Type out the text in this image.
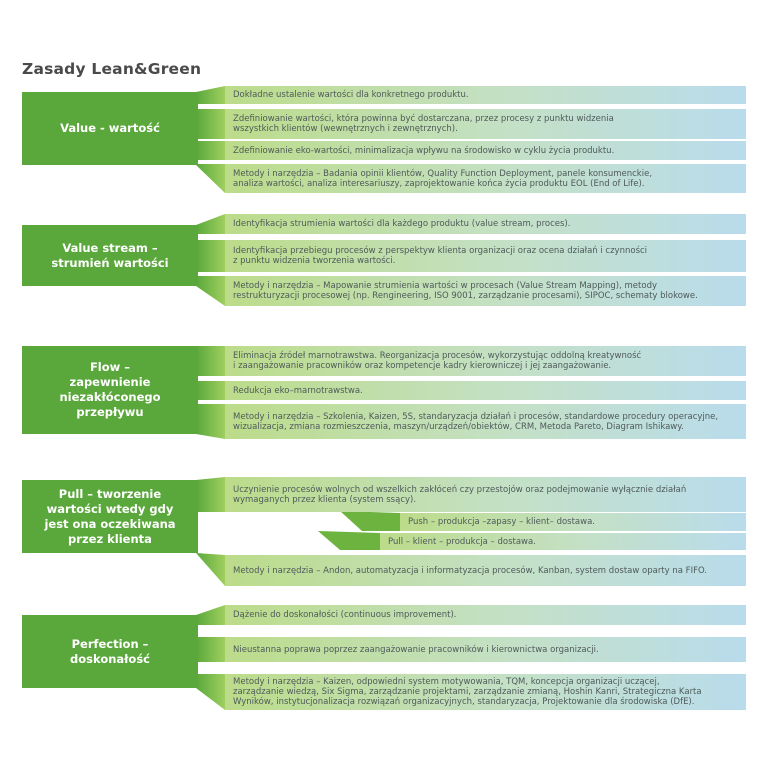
Zasady Lean&Green
Value - wartość
Dokładne ustalenie wartości dla konkretnego produktu.
Zdefiniowanie wartości, która powinna być dostarczana, przez procesy z punktu widzenia
wszystkich klientów (wewnętrznych i zewnętrznych).
Zdefiniowanie eko-wartości, minimalizacja wpływu na środowisko w cyklu życia produktu.
Metody i narzędzia – Badania opinii klientów, Quality Function Deployment, panele konsumenckie,
analiza wartości, analiza interesariuszy, zaprojektowanie końca życia produktu EOL (End of Life).
Value stream –
strumień wartości
Identyfikacja strumienia wartości dla każdego produktu (value stream, proces).
Identyfikacja przebiegu procesów z perspektyw klienta organizacji oraz ocena działań i czynności
z punktu widzenia tworzenia wartości.
Metody i narzędzia – Mapowanie strumienia wartości w procesach (Value Stream Mapping), metody
restrukturyzacji procesowej (np. Rengineering, ISO 9001, zarządzanie procesami), SIPOC, schematy blokowe.
Flow –
zapewnienie
niezakłóconego
przepływu
Eliminacja źródeł marnotrawstwa. Reorganizacja procesów, wykorzystując oddolną kreatywność
i zaangażowanie pracowników oraz kompetencje kadry kierowniczej i jej zaangażowanie.
Redukcja eko–marnotrawstwa.
Metody i narzędzia – Szkolenia, Kaizen, 5S, standaryzacja działań i procesów, standardowe procedury operacyjne,
wizualizacja, zmiana rozmieszczenia, maszyn/urządzeń/obiektów, CRM, Metoda Pareto, Diagram Ishikawy.
Pull – tworzenie
wartości wtedy gdy
jest ona oczekiwana
przez klienta
Uczynienie procesów wolnych od wszelkich zakłóceń czy przestojów oraz podejmowanie wyłącznie działań
wymaganych przez klienta (system ssący).
Push – produkcja –zapasy – klient– dostawa.
Pull – klient – produkcja – dostawa.
Metody i narzędzia – Andon, automatyzacja i informatyzacja procesów, Kanban, system dostaw oparty na FIFO.
Perfection –
doskonałość
Dążenie do doskonałości (continuous improvement).
Nieustanna poprawa poprzez zaangażowanie pracowników i kierownictwa organizacji.
Metody i narzędzia – Kaizen, odpowiedni system motywowania, TQM, koncepcja organizacji uczącej,
zarządzanie wiedzą, Six Sigma, zarządzanie projektami, zarządzanie zmianą, Hoshin Kanri, Strategiczna Karta
Wyników, instytucjonalizacja rozwiązań organizacyjnych, standaryzacja, Projektowanie dla środowiska (DfE).
